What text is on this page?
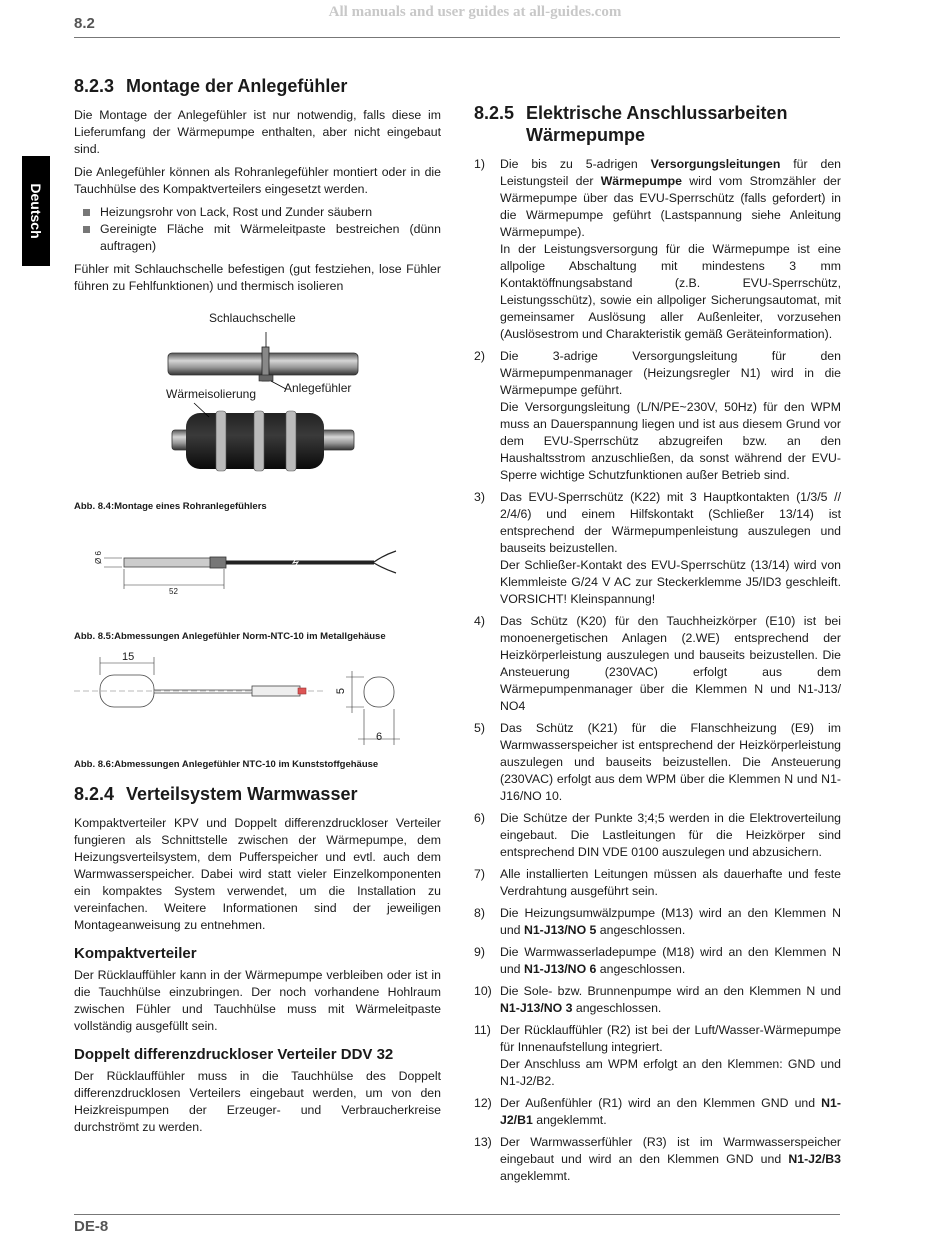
All manuals and user guides at all-guides.com
8.2
Deutsch
8.2.3 Montage der Anlegefühler

Die Montage der Anlegefühler ist nur notwendig, falls diese im Lieferumfang der Wärmepumpe enthalten, aber nicht eingebaut sind.

Die Anlegefühler können als Rohranlegefühler montiert oder in die Tauchhülse des Kompaktverteilers eingesetzt werden.

Heizungsrohr von Lack, Rost und Zunder säubern
Gereinigte Fläche mit Wärmeleitpaste bestreichen (dünn auftragen)

Fühler mit Schlauchschelle befestigen (gut festziehen, lose Fühler führen zu Fehlfunktionen) und thermisch isolieren

Schlauchschelle
Anlegefühler
Wärmeisolierung
Abb. 8.4:Montage eines Rohranlegefühlers
Ø 6
52
Abb. 8.5:Abmessungen Anlegefühler Norm-NTC-10 im Metallgehäuse
15
5
6
Abb. 8.6:Abmessungen Anlegefühler NTC-10 im Kunststoffgehäuse
8.2.4 Verteilsystem Warmwasser

Kompaktverteiler KPV und Doppelt differenzdruckloser Verteiler fungieren als Schnittstelle zwischen der Wärmepumpe, dem Heizungsverteilsystem, dem Pufferspeicher und evtl. auch dem Warmwasserspeicher. Dabei wird statt vieler Einzelkomponenten ein kompaktes System verwendet, um die Installation zu vereinfachen. Weitere Informationen sind der jeweiligen Montageanweisung zu entnehmen.

Kompaktverteiler

Der Rücklauffühler kann in der Wärmepumpe verbleiben oder ist in die Tauchhülse einzubringen. Der noch vorhandene Hohlraum zwischen Fühler und Tauchhülse muss mit Wärmeleitpaste vollständig ausgefüllt sein.

Doppelt differenzdruckloser Verteiler DDV 32

Der Rücklauffühler muss in die Tauchhülse des Doppelt differenzdrucklosen Verteilers eingebaut werden, um von den Heizkreispumpen der Erzeuger- und Verbraucherkreise durchströmt zu werden.

8.2.5 Elektrische Anschlussarbeiten
Wärmepumpe
1) Die bis zu 5-adrigen Versorgungsleitungen für den Leistungsteil der Wärmepumpe wird vom Stromzähler der Wärmepumpe über das EVU-Sperrschütz (falls gefordert) in die Wärmepumpe geführt (Lastspannung siehe Anleitung Wärmepumpe).
In der Leistungsversorgung für die Wärmepumpe ist eine allpolige Abschaltung mit mindestens 3 mm Kontaktöffnungsabstand (z.B. EVU-Sperrschütz, Leistungsschütz), sowie ein allpoliger Sicherungsautomat, mit gemeinsamer Auslösung aller Außenleiter, vorzusehen (Auslösestrom und Charakteristik gemäß Geräteinformation).
2) Die 3-adrige Versorgungsleitung für den Wärmepumpenmanager (Heizungsregler N1) wird in die Wärmepumpe geführt.
Die Versorgungsleitung (L/N/PE~230V, 50Hz) für den WPM muss an Dauerspannung liegen und ist aus diesem Grund vor dem EVU-Sperrschütz abzugreifen bzw. an den Haushaltsstrom anzuschließen, da sonst während der EVU-Sperre wichtige Schutzfunktionen außer Betrieb sind.
3) Das EVU-Sperrschütz (K22) mit 3 Hauptkontakten (1/3/5 // 2/4/6) und einem Hilfskontakt (Schließer 13/14) ist entsprechend der Wärmepumpenleistung auszulegen und bauseits beizustellen.
Der Schließer-Kontakt des EVU-Sperrschütz (13/14) wird von Klemmleiste G/24 V AC zur Steckerklemme J5/ID3 geschleift. VORSICHT! Kleinspannung!
4) Das Schütz (K20) für den Tauchheizkörper (E10) ist bei monoenergetischen Anlagen (2.WE) entsprechend der Heizkörperleistung auszulegen und bauseits beizustellen. Die Ansteuerung (230VAC) erfolgt aus dem Wärmepumpenmanager über die Klemmen N und N1-J13/ NO4
5) Das Schütz (K21) für die Flanschheizung (E9) im Warmwasserspeicher ist entsprechend der Heizkörperleistung auszulegen und bauseits beizustellen. Die Ansteuerung (230VAC) erfolgt aus dem WPM über die Klemmen N und N1-J16/NO 10.
6) Die Schütze der Punkte 3;4;5 werden in die Elektroverteilung eingebaut. Die Lastleitungen für die Heizkörper sind entsprechend DIN VDE 0100 auszulegen und abzusichern.
7) Alle installierten Leitungen müssen als dauerhafte und feste Verdrahtung ausgeführt sein.
8) Die Heizungsumwälzpumpe (M13) wird an den Klemmen N und N1-J13/NO 5 angeschlossen.
9) Die Warmwasserladepumpe (M18) wird an den Klemmen N und N1-J13/NO 6 angeschlossen.
10) Die Sole- bzw. Brunnenpumpe wird an den Klemmen N und N1-J13/NO 3 angeschlossen.
11) Der Rücklauffühler (R2) ist bei der Luft/Wasser-Wärmepumpe für Innenaufstellung integriert.
Der Anschluss am WPM erfolgt an den Klemmen: GND und N1-J2/B2.
12) Der Außenfühler (R1) wird an den Klemmen GND und N1-J2/B1 angeklemmt.
13) Der Warmwasserfühler (R3) ist im Warmwasserspeicher eingebaut und wird an den Klemmen GND und N1-J2/B3 angeklemmt.
DE-8
